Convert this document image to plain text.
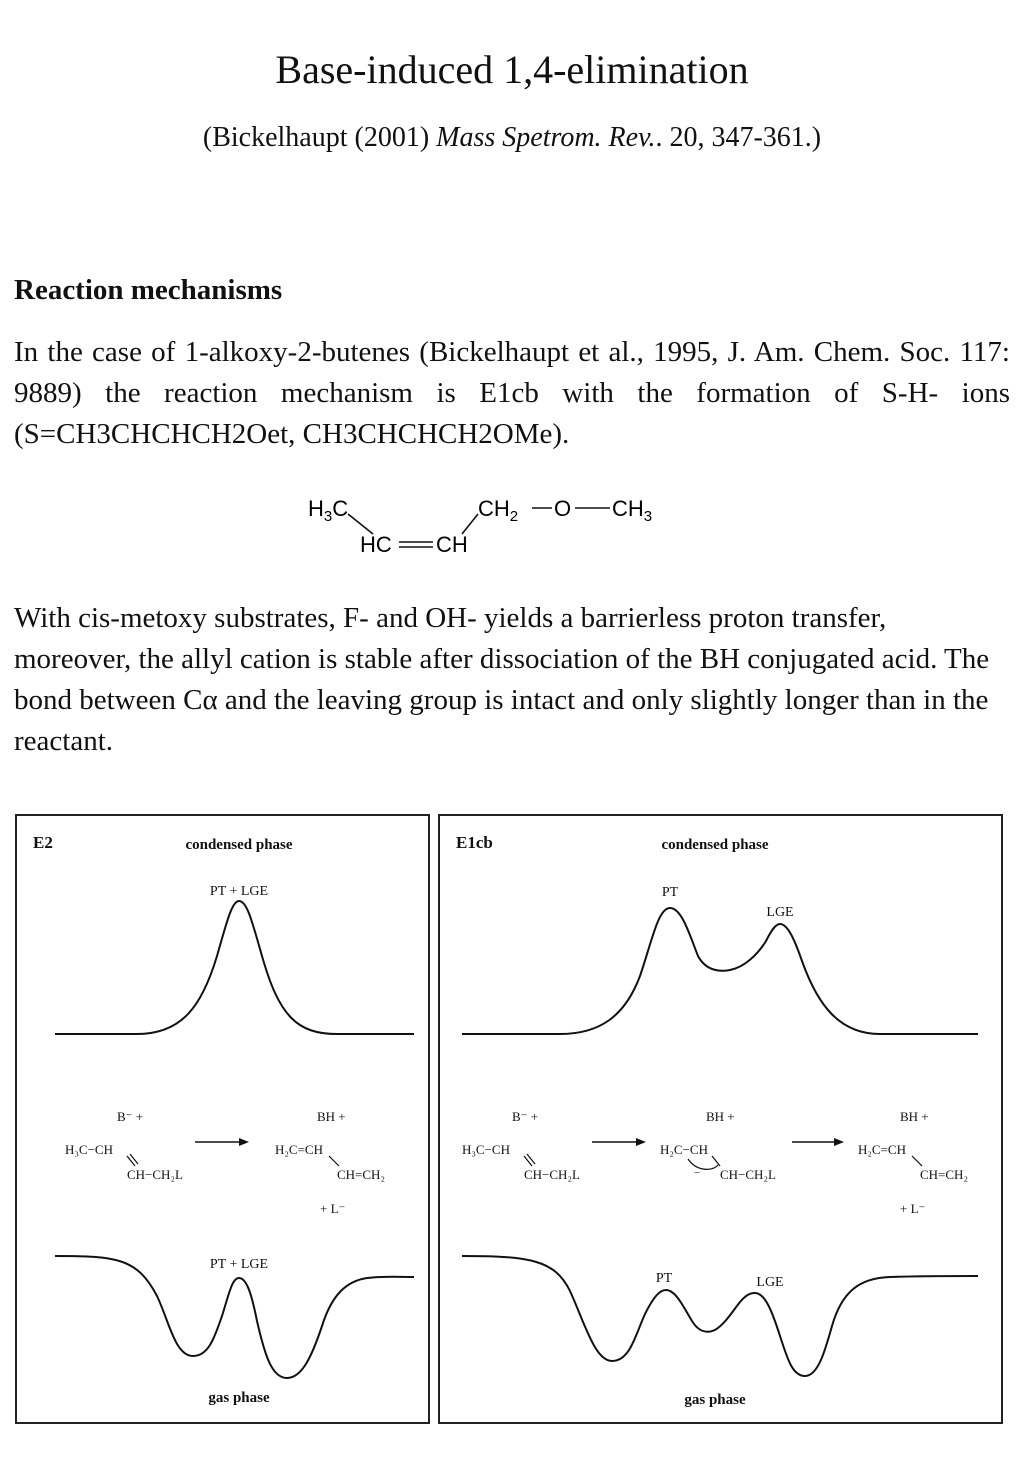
Base-induced 1,4-elimination
(Bickelhaupt (2001) Mass Spetrom. Rev.. 20, 347-361.)
Reaction mechanisms
In the case of 1-alkoxy-2-butenes (Bickelhaupt et al., 1995, J. Am. Chem. Soc. 117: 9889) the reaction mechanism is E1cb with the formation of S-H- ions (S=CH3CHCHCH2Oet, CH3CHCHCH2OMe).
$H_3C$
HC CH
$CH_2$ O $CH_3$
With cis-metoxy substrates, F- and OH- yields a barrierless proton transfer, moreover, the allyl cation is stable after dissociation of the BH conjugated acid. The bond between Cα and the leaving group is intact and only slightly longer than in the reactant.
E2	condensed phase
PT + LGE
B⁻ +
H₃C−CH
CH−CH₂L
BH +
H₂C=CH
CH=CH₂
+ L⁻
PT + LGE
gas phase
E1cb	condensed phase
PT
LGE
B⁻ +
H₃C−CH
CH−CH₂L
BH +
H₂C−CH
− CH−CH₂L
BH +
H₂C=CH
CH=CH₂
+ L⁻
PT	LGE
gas phase
